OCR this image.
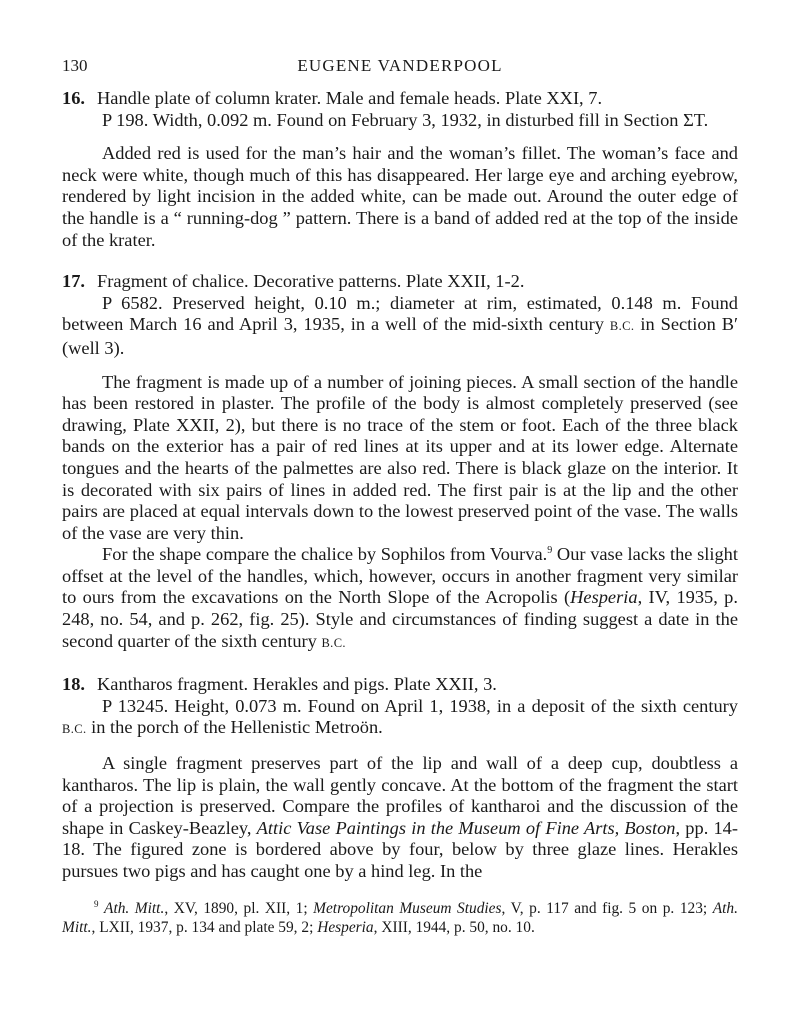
130	EUGENE VANDERPOOL

16. Handle plate of column krater. Male and female heads. Plate XXI, 7.

P 198. Width, 0.092 m. Found on February 3, 1932, in disturbed fill in Section ΣT.

Added red is used for the man’s hair and the woman’s fillet. The woman’s face and neck were white, though much of this has disappeared. Her large eye and arching eyebrow, rendered by light incision in the added white, can be made out. Around the outer edge of the handle is a “ running-dog ” pattern. There is a band of added red at the top of the inside of the krater.

17. Fragment of chalice. Decorative patterns. Plate XXII, 1-2.

P 6582. Preserved height, 0.10 m.; diameter at rim, estimated, 0.148 m. Found between March 16 and April 3, 1935, in a well of the mid-sixth century B.C. in Section B′ (well 3).

The fragment is made up of a number of joining pieces. A small section of the handle has been restored in plaster. The profile of the body is almost completely preserved (see drawing, Plate XXII, 2), but there is no trace of the stem or foot. Each of the three black bands on the exterior has a pair of red lines at its upper and at its lower edge. Alternate tongues and the hearts of the palmettes are also red. There is black glaze on the interior. It is decorated with six pairs of lines in added red. The first pair is at the lip and the other pairs are placed at equal intervals down to the lowest preserved point of the vase. The walls of the vase are very thin.

For the shape compare the chalice by Sophilos from Vourva.$^9$ Our vase lacks the slight offset at the level of the handles, which, however, occurs in another fragment very similar to ours from the excavations on the North Slope of the Acropolis (Hesperia, IV, 1935, p. 248, no. 54, and p. 262, fig. 25). Style and circumstances of finding suggest a date in the second quarter of the sixth century B.C.

18. Kantharos fragment. Herakles and pigs. Plate XXII, 3.

P 13245. Height, 0.073 m. Found on April 1, 1938, in a deposit of the sixth century B.C. in the porch of the Hellenistic Metroön.

A single fragment preserves part of the lip and wall of a deep cup, doubtless a kantharos. The lip is plain, the wall gently concave. At the bottom of the fragment the start of a projection is preserved. Compare the profiles of kantharoi and the discussion of the shape in Caskey-Beazley, Attic Vase Paintings in the Museum of Fine Arts, Boston, pp. 14-18. The figured zone is bordered above by four, below by three glaze lines. Herakles pursues two pigs and has caught one by a hind leg. In the

$^9$ Ath. Mitt., XV, 1890, pl. XII, 1; Metropolitan Museum Studies, V, p. 117 and fig. 5 on p. 123; Ath. Mitt., LXII, 1937, p. 134 and plate 59, 2; Hesperia, XIII, 1944, p. 50, no. 10.
